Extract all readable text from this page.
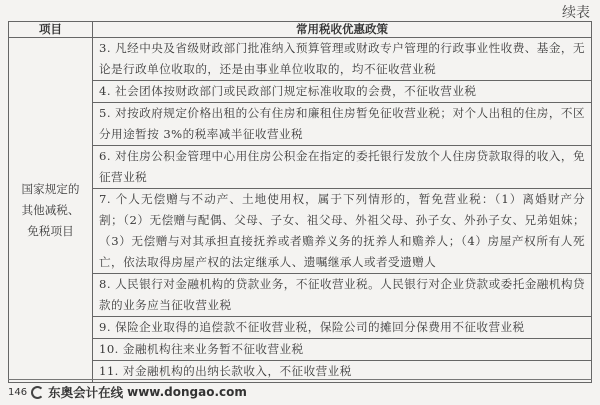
续表
项目	常用税收优惠政策

国家规定的其他减税、免税项目	3. 凡经中央及省级财政部门批准纳入预算管理或财政专户管理的行政事业性收费、基金，无论是行政单位收取的，还是由事业单位收取的，均不征收营业税
	4. 社会团体按财政部门或民政部门规定标准收取的会费，不征收营业税
	5. 对按政府规定价格出租的公有住房和廉租住房暂免征收营业税；对个人出租的住房，不区分用途暂按 3%的税率减半征收营业税
	6. 对住房公积金管理中心用住房公积金在指定的委托银行发放个人住房贷款取得的收入，免征营业税
	7. 个人无偿赠与不动产、土地使用权，属于下列情形的，暂免营业税：（1）离婚财产分割；（2）无偿赠与配偶、父母、子女、祖父母、外祖父母、孙子女、外孙子女、兄弟姐妹；（3）无偿赠与对其承担直接抚养或者赡养义务的抚养人和赡养人；（4）房屋产权所有人死亡，依法取得房屋产权的法定继承人、遗嘱继承人或者受遗赠人
	8. 人民银行对金融机构的贷款业务，不征收营业税。人民银行对企业贷款或委托金融机构贷款的业务应当征收营业税
	9. 保险企业取得的追偿款不征收营业税，保险公司的摊回分保费用不征收营业税
	10. 金融机构往来业务暂不征收营业税
	11. 对金融机构的出纳长款收入，不征收营业税
146 东奥会计在线 www.dongao.com
